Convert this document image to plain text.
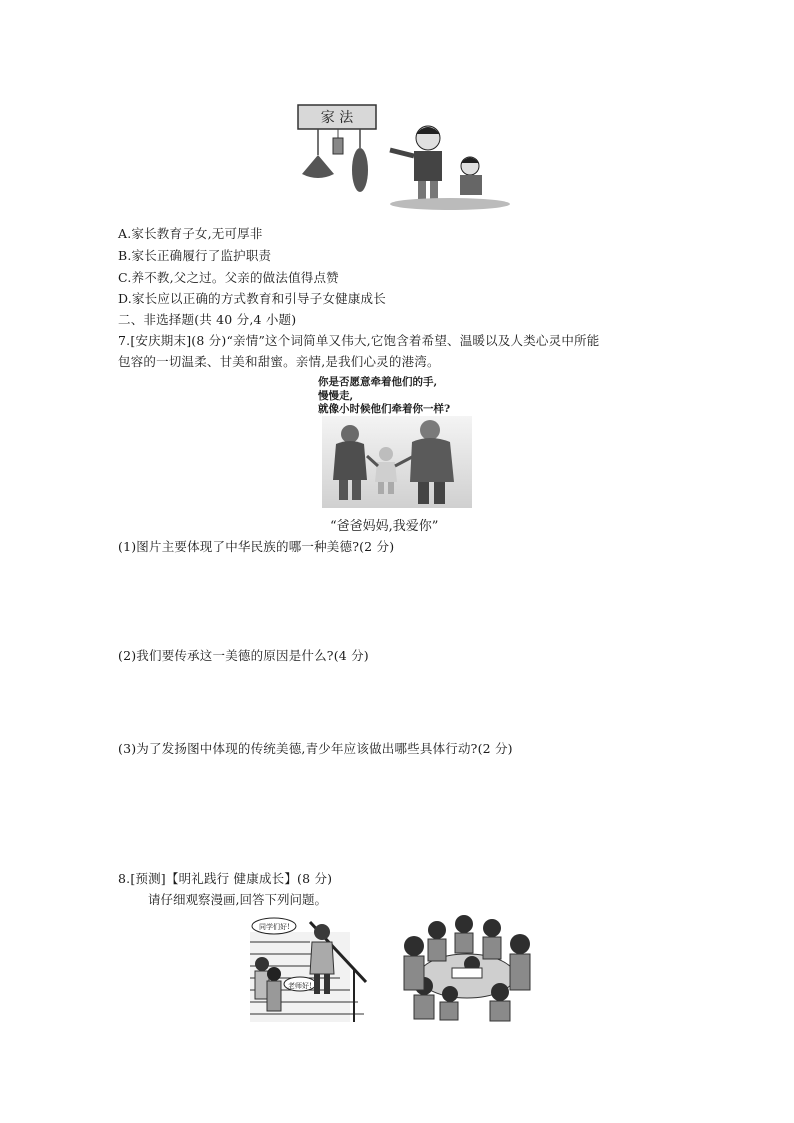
家 法
A.家长教育子女,无可厚非
B.家长正确履行了监护职责
C.养不教,父之过。父亲的做法值得点赞
D.家长应以正确的方式教育和引导子女健康成长
二、非选择题(共 40 分,4 小题)
7.[安庆期末](8 分)“亲情”这个词简单又伟大,它饱含着希望、温暖以及人类心灵中所能
包容的一切温柔、甘美和甜蜜。亲情,是我们心灵的港湾。
你是否愿意牵着他们的手,
慢慢走,
就像小时候他们牵着你一样?
“爸爸妈妈,我爱你”
(1)图片主要体现了中华民族的哪一种美德?(2 分)
(2)我们要传承这一美德的原因是什么?(4 分)
(3)为了发扬图中体现的传统美德,青少年应该做出哪些具体行动?(2 分)
8.[预测]【明礼践行 健康成长】(8 分)
请仔细观察漫画,回答下列问题。
同学们好!
老师好!
